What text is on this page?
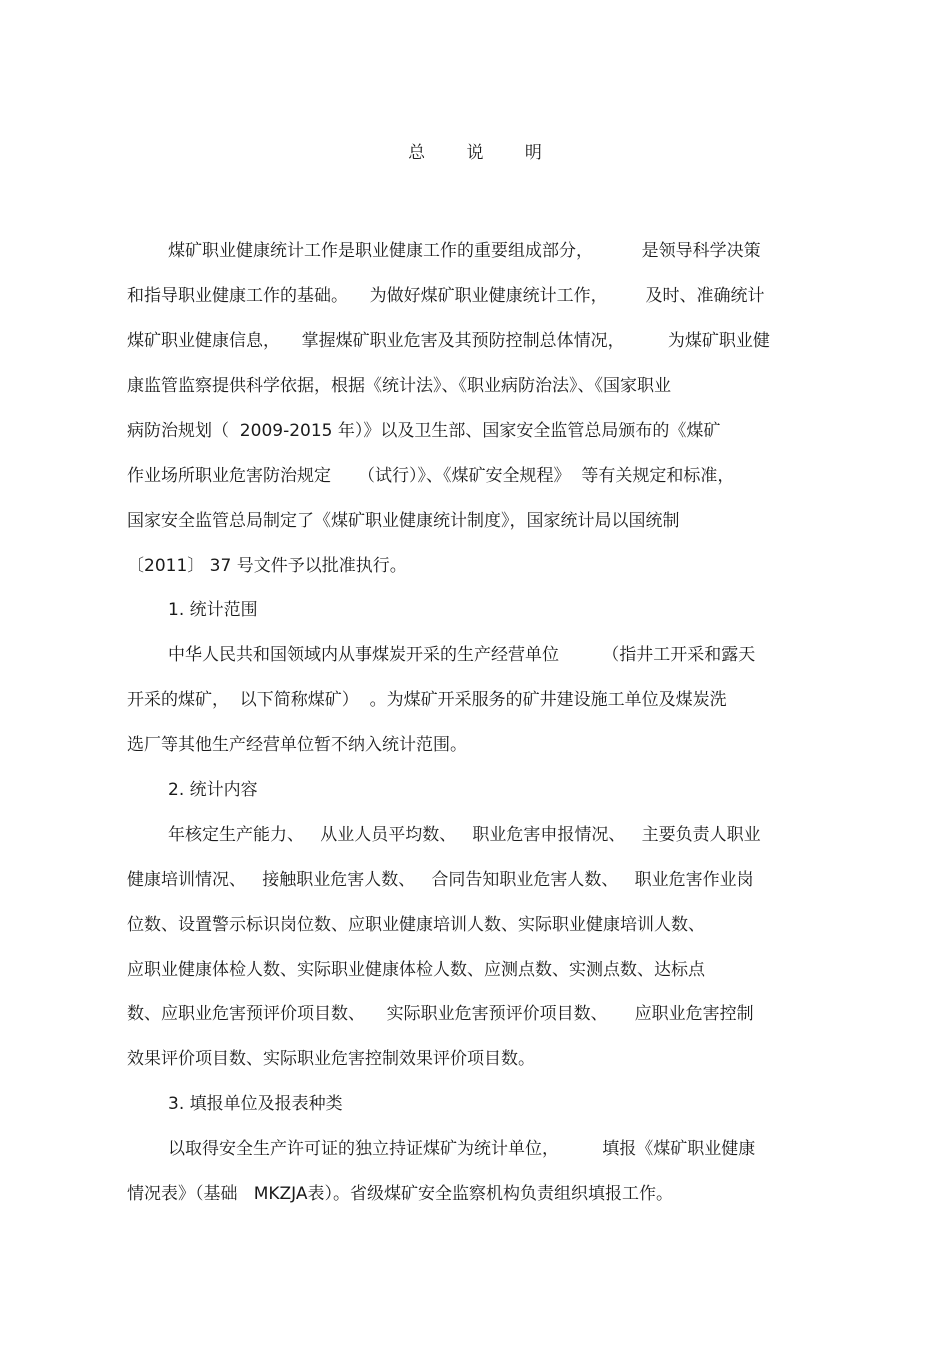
总 说 明
煤矿职业健康统计工作是职业健康工作的重要组成部分，         是领导科学决策
和指导职业健康工作的基础。    为做好煤矿职业健康统计工作，       及时、准确统计
煤矿职业健康信息，    掌握煤矿职业危害及其预防控制总体情况，        为煤矿职业健
康监管监察提供科学依据，根据《统计法》、《职业病防治法》、《国家职业
病防治规划（  2009-2015 年）》以及卫生部、国家安全监管总局颁布的《煤矿
作业场所职业危害防治规定     （试行）》、《煤矿安全规程》  等有关规定和标准，
国家安全监管总局制定了《煤矿职业健康统计制度》，国家统计局以国统制
〔2011〕 37 号文件予以批准执行。
1. 统计范围
中华人民共和国领域内从事煤炭开采的生产经营单位        （指井工开采和露天
开采的煤矿，  以下简称煤矿）  。为煤矿开采服务的矿井建设施工单位及煤炭洗
选厂等其他生产经营单位暂不纳入统计范围。
2. 统计内容
年核定生产能力、   从业人员平均数、   职业危害申报情况、   主要负责人职业
健康培训情况、   接触职业危害人数、   合同告知职业危害人数、   职业危害作业岗
位数、设置警示标识岗位数、应职业健康培训人数、实际职业健康培训人数、
应职业健康体检人数、实际职业健康体检人数、应测点数、实测点数、达标点
数、应职业危害预评价项目数、    实际职业危害预评价项目数、     应职业危害控制
效果评价项目数、实际职业危害控制效果评价项目数。
3. 填报单位及报表种类
以取得安全生产许可证的独立持证煤矿为统计单位，        填报《煤矿职业健康
情况表》（基础   MKZJA表）。省级煤矿安全监察机构负责组织填报工作。
